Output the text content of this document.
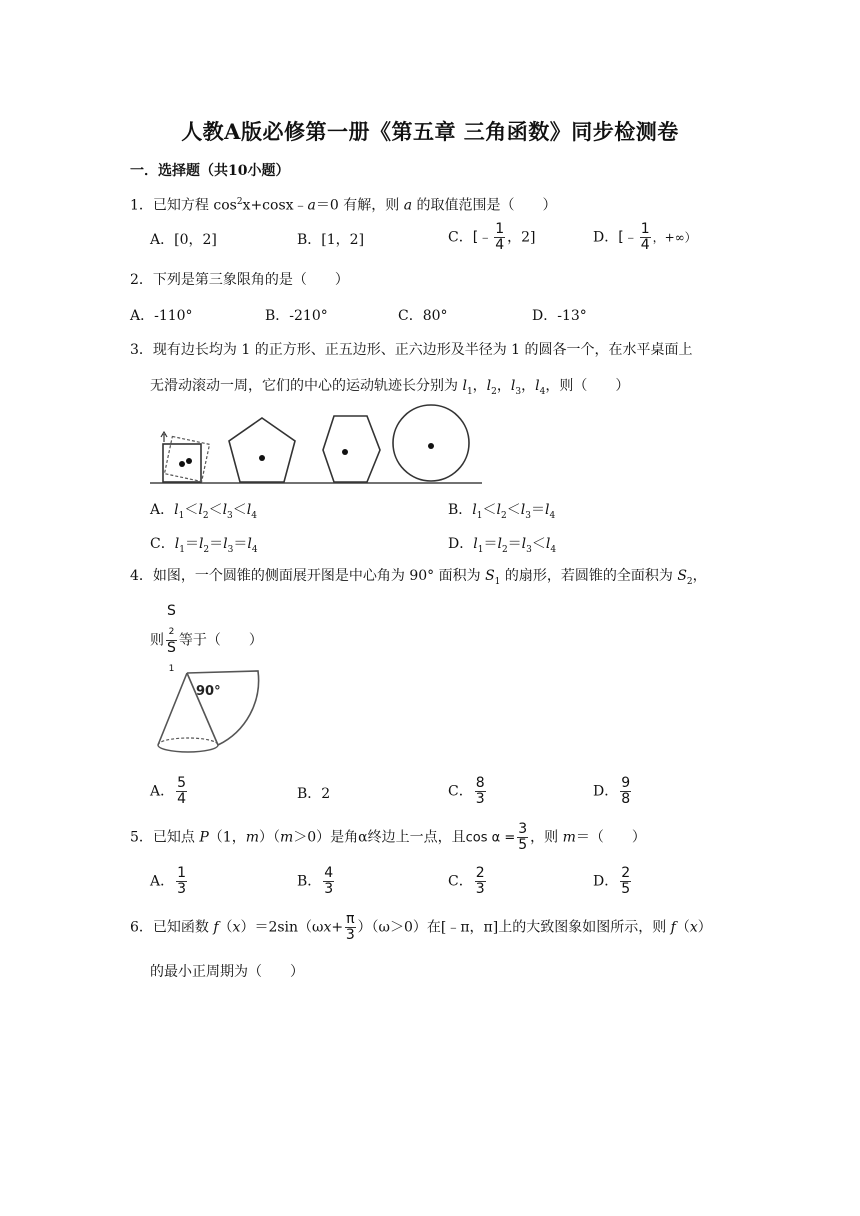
人教A版必修第一册《第五章 三角函数》同步检测卷
一．选择题（共10小题）
1．已知方程 $\cos^2x+\cos x﹣a=0$ 有解，则 a 的取值范围是（　　）
A．[0，2]	B．[1，2]	C．[﹣ $\frac{1}{4}$ ，2]	D．[﹣ $\frac{1}{4}$ ，+∞）
2．下列是第三象限角的是（　　）
A．-110°	B．-210°	C．80°	D．-13°
3．现有边长均为 1 的正方形、正五边形、正六边形及半径为 1 的圆各一个，在水平桌面上
无滑动滚动一周，它们的中心的运动轨迹长分别为 $l_1$，$l_2$，$l_3$，$l_4$，则（　　）
A．$l_1<l_2<l_3<l_4$	B．$l_1<l_2<l_3=l_4$
C．$l_1=l_2=l_3=l_4$	D．$l_1=l_2=l_3<l_4$
4．如图，一个圆锥的侧面展开图是中心角为 90° 面积为 $S_1$ 的扇形，若圆锥的全面积为 $S_2$，
则 S
$_2$
S
$_1$ 等于（　　）
90°
A． $\frac{5}{4}$	B．2	C． $\frac{8}{3}$	D． $\frac{9}{8}$
5．已知点 P（1，m）（m＞0）是角α终边上一点，且$\cos \alpha = \frac{3}{5}$ ，则 m＝（　　）
A． $\frac{1}{3}$	B． $\frac{4}{3}$	C． $\frac{2}{3}$	D． $\frac{2}{5}$
6．已知函数 $f(x)=2\sin(\omega x+ \frac{\pi}{3} )(\omega>0)$在[﹣π，π]上的大致图象如图所示，则 f（x）
的最小正周期为（　　）
